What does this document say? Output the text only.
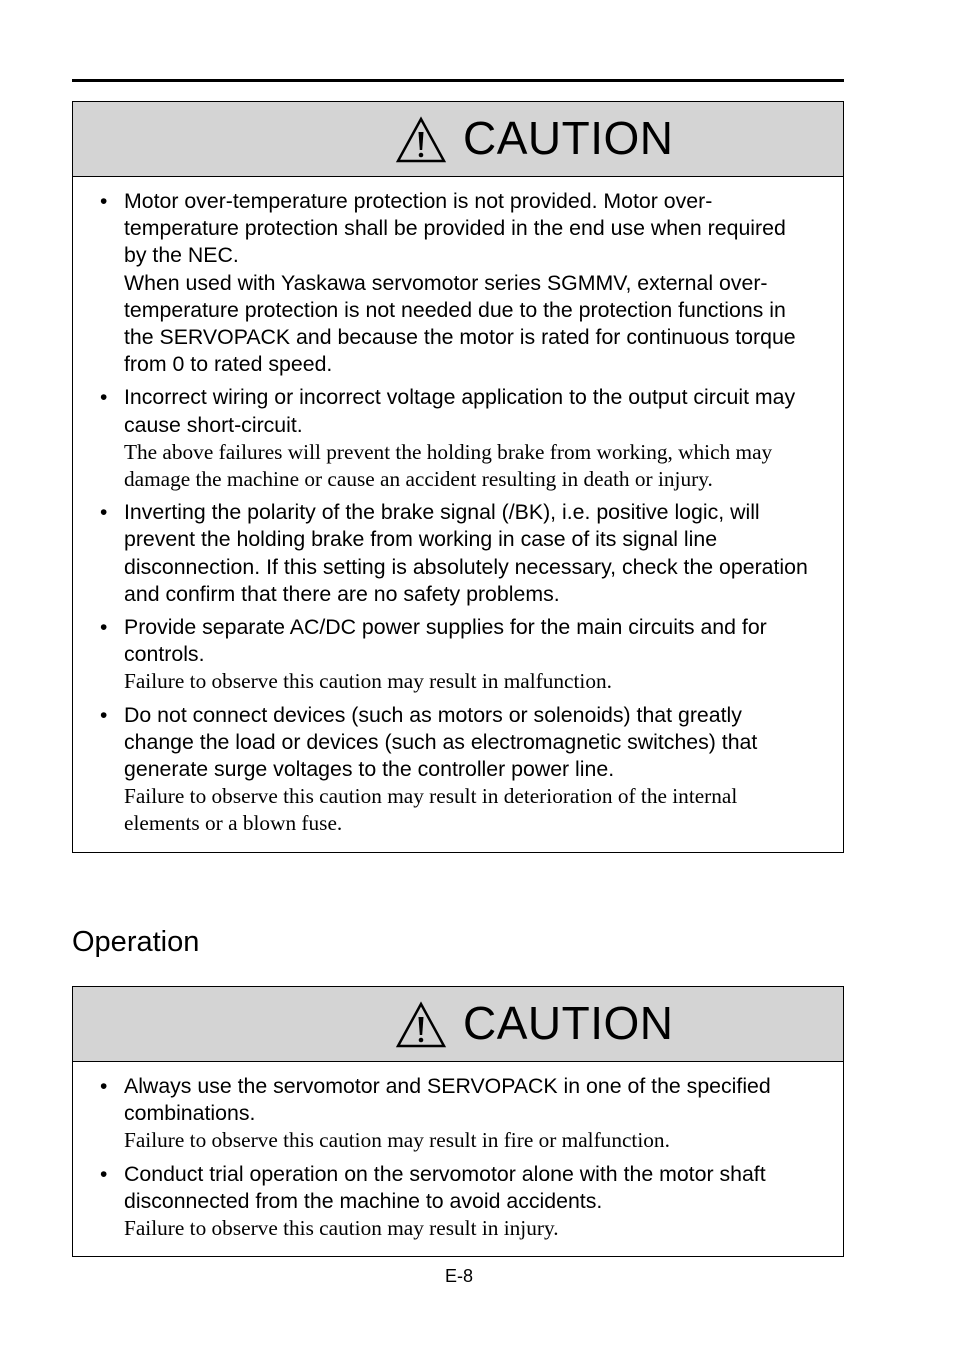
CAUTION
• Motor over-temperature protection is not provided. Motor over-temperature protection shall be provided in the end use when required by the NEC.

When used with Yaskawa servomotor series SGMMV, external over-temperature protection is not needed due to the protection functions in the SERVOPACK and because the motor is rated for continuous torque from 0 to rated speed.

• Incorrect wiring or incorrect voltage application to the output circuit may cause short-circuit.

The above failures will prevent the holding brake from working, which may damage the machine or cause an accident resulting in death or injury.

• Inverting the polarity of the brake signal (/BK), i.e. positive logic, will prevent the holding brake from working in case of its signal line disconnection. If this setting is absolutely necessary, check the operation and confirm that there are no safety problems.

• Provide separate AC/DC power supplies for the main circuits and for controls.

Failure to observe this caution may result in malfunction.

• Do not connect devices (such as motors or solenoids) that greatly change the load or devices (such as electromagnetic switches) that generate surge voltages to the controller power line.

Failure to observe this caution may result in deterioration of the internal elements or a blown fuse.

Operation
CAUTION
• Always use the servomotor and SERVOPACK in one of the specified combinations.

Failure to observe this caution may result in fire or malfunction.

• Conduct trial operation on the servomotor alone with the motor shaft disconnected from the machine to avoid accidents.

Failure to observe this caution may result in injury.

E-8
